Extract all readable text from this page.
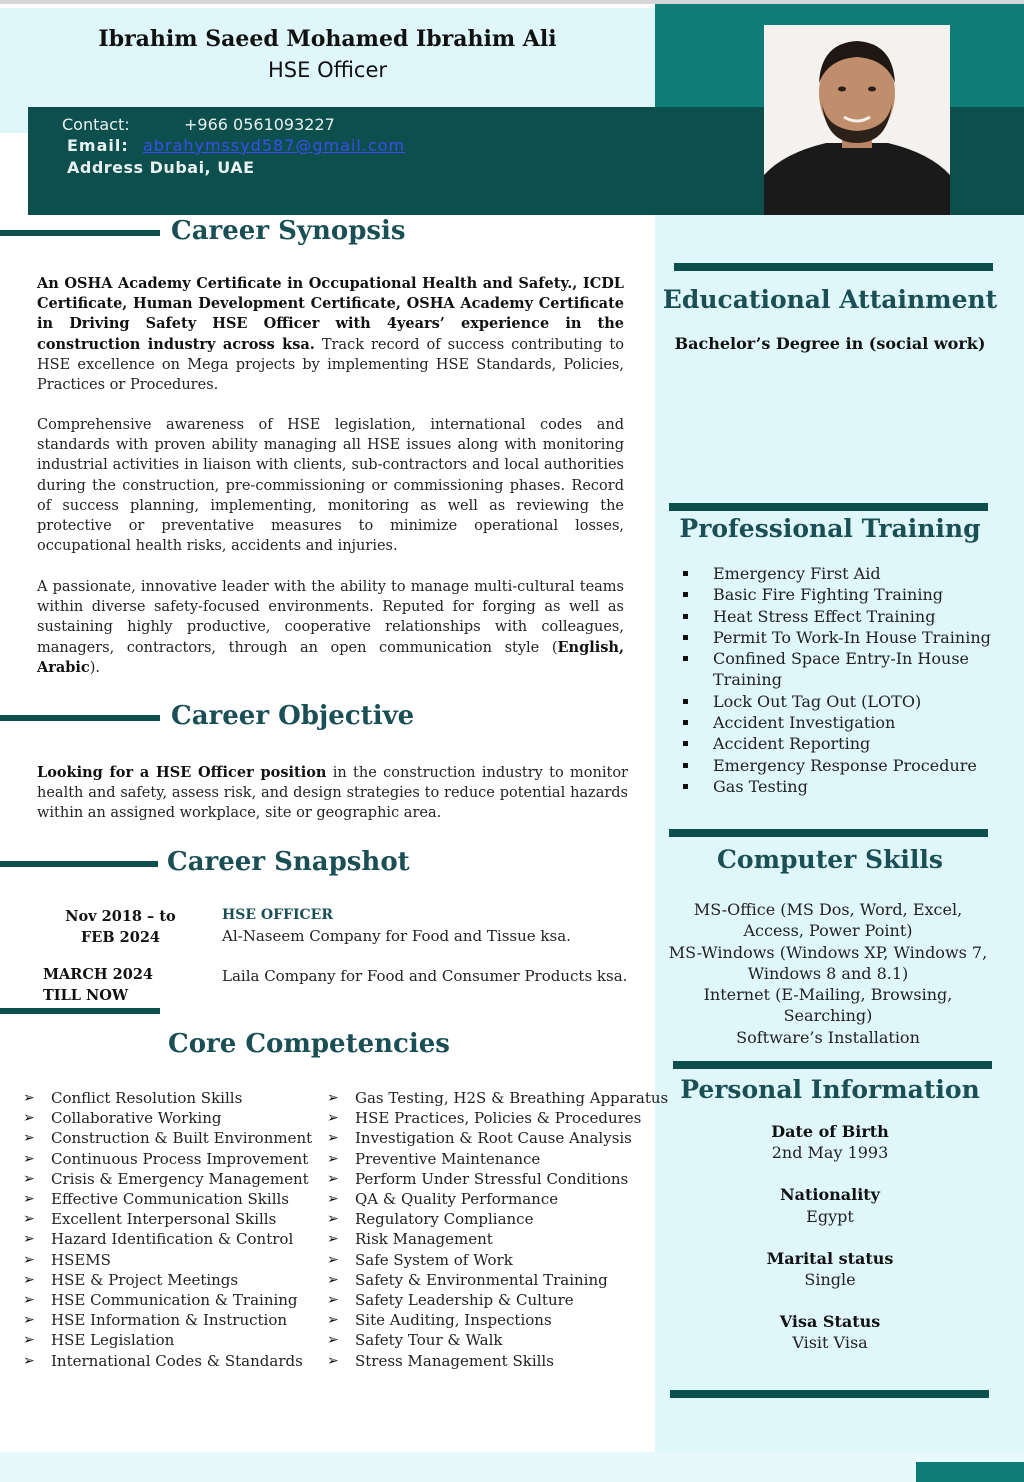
Ibrahim Saeed Mohamed Ibrahim Ali
HSE Officer
Contact:	+966 0561093227
Email: abrahymssyd587@gmail.com
Address Dubai, UAE
Career Synopsis
An OSHA Academy Certificate in Occupational Health and Safety., ICDL Certificate, Human Development Certificate, OSHA Academy Certificate in Driving Safety HSE Officer with 4years’ experience in the construction industry across ksa. Track record of success contributing to HSE excellence on Mega projects by implementing HSE Standards, Policies, Practices or Procedures.
Comprehensive awareness of HSE legislation, international codes and standards with proven ability managing all HSE issues along with monitoring industrial activities in liaison with clients, sub-contractors and local authorities during the construction, pre-commissioning or commissioning phases. Record of success planning, implementing, monitoring as well as reviewing the protective or preventative measures to minimize operational losses, occupational health risks, accidents and injuries.
A passionate, innovative leader with the ability to manage multi-cultural teams within diverse safety-focused environments. Reputed for forging as well as sustaining highly productive, cooperative relationships with colleagues, managers, contractors, through an open communication style (English, Arabic).
Career Objective
Looking for a HSE Officer position in the construction industry to monitor health and safety, assess risk, and design strategies to reduce potential hazards within an assigned workplace, site or geographic area.
Career Snapshot
Nov 2018 – to FEB 2024
HSE OFFICER
Al-Naseem Company for Food and Tissue ksa.
MARCH 2024 TILL NOW
Laila Company for Food and Consumer Products ksa.
Core Competencies
➢ Conflict Resolution Skills
➢ Collaborative Working
➢ Construction & Built Environment
➢ Continuous Process Improvement
➢ Crisis & Emergency Management
➢ Effective Communication Skills
➢ Excellent Interpersonal Skills
➢ Hazard Identification & Control
➢ HSEMS
➢ HSE & Project Meetings
➢ HSE Communication & Training
➢ HSE Information & Instruction
➢ HSE Legislation
➢ International Codes & Standards
➢ Gas Testing, H2S & Breathing Apparatus
➢ HSE Practices, Policies & Procedures
➢ Investigation & Root Cause Analysis
➢ Preventive Maintenance
➢ Perform Under Stressful Conditions
➢ QA & Quality Performance
➢ Regulatory Compliance
➢ Risk Management
➢ Safe System of Work
➢ Safety & Environmental Training
➢ Safety Leadership & Culture
➢ Site Auditing, Inspections
➢ Safety Tour & Walk
➢ Stress Management Skills
Educational Attainment
Bachelor’s Degree in (social work)
Professional Training
Emergency First Aid
Basic Fire Fighting Training
Heat Stress Effect Training
Permit To Work-In House Training
Confined Space Entry-In House Training
Lock Out Tag Out (LOTO)
Accident Investigation
Accident Reporting
Emergency Response Procedure
Gas Testing
Computer Skills
MS-Office (MS Dos, Word, Excel, Access, Power Point)
MS-Windows (Windows XP, Windows 7, Windows 8 and 8.1)
Internet (E-Mailing, Browsing, Searching)
Software’s Installation
Personal Information
Date of Birth
2nd May 1993
Nationality
Egypt
Marital status
Single
Visa Status
Visit Visa
